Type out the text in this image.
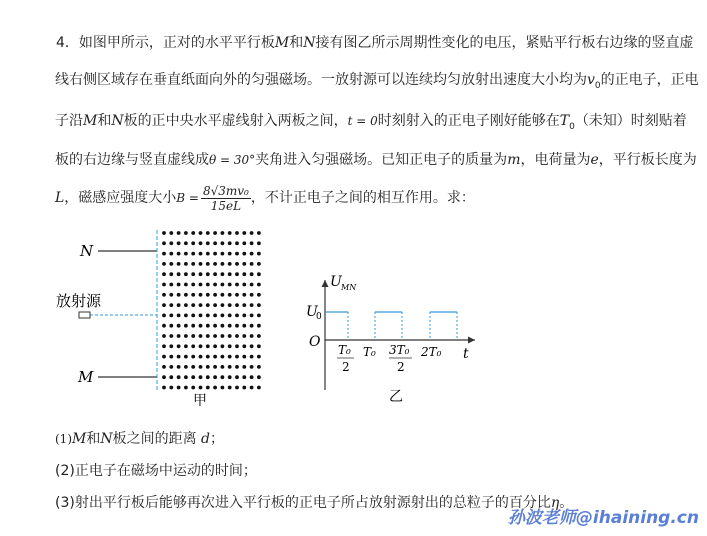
4．如图甲所示，正对的水平平行板M和N接有图乙所示周期性变化的电压，紧贴平行板右边缘的竖直虚
线右侧区域存在垂直纸面向外的匀强磁场。一放射源可以连续均匀放射出速度大小均为$v_0$的正电子，正电
子沿M和N板的正中央水平虚线射入两板之间，t = 0时刻射入的正电子刚好能够在$T_0$（未知）时刻贴着
板的右边缘与竖直虚线成θ = 30°夹角进入匀强磁场。已知正电子的质量为m，电荷量为e，平行板长度为
L ，磁感应强度大小 $B = \frac{\text{8√3mv₀}}{15eL}$ ，不计正电子之间的相互作用。求：
N
M
放射源
甲
U MN
U
0
O
t
T₀
2
T₀ 3T₀
2
2T₀
乙
(1)M和N板之间的距离 d；
(2)正电子在磁场中运动的时间；
(3)射出平行板后能够再次进入平行板的正电子所占放射源射出的总粒子的百分比η。
孙波老师@ihaining.cn
